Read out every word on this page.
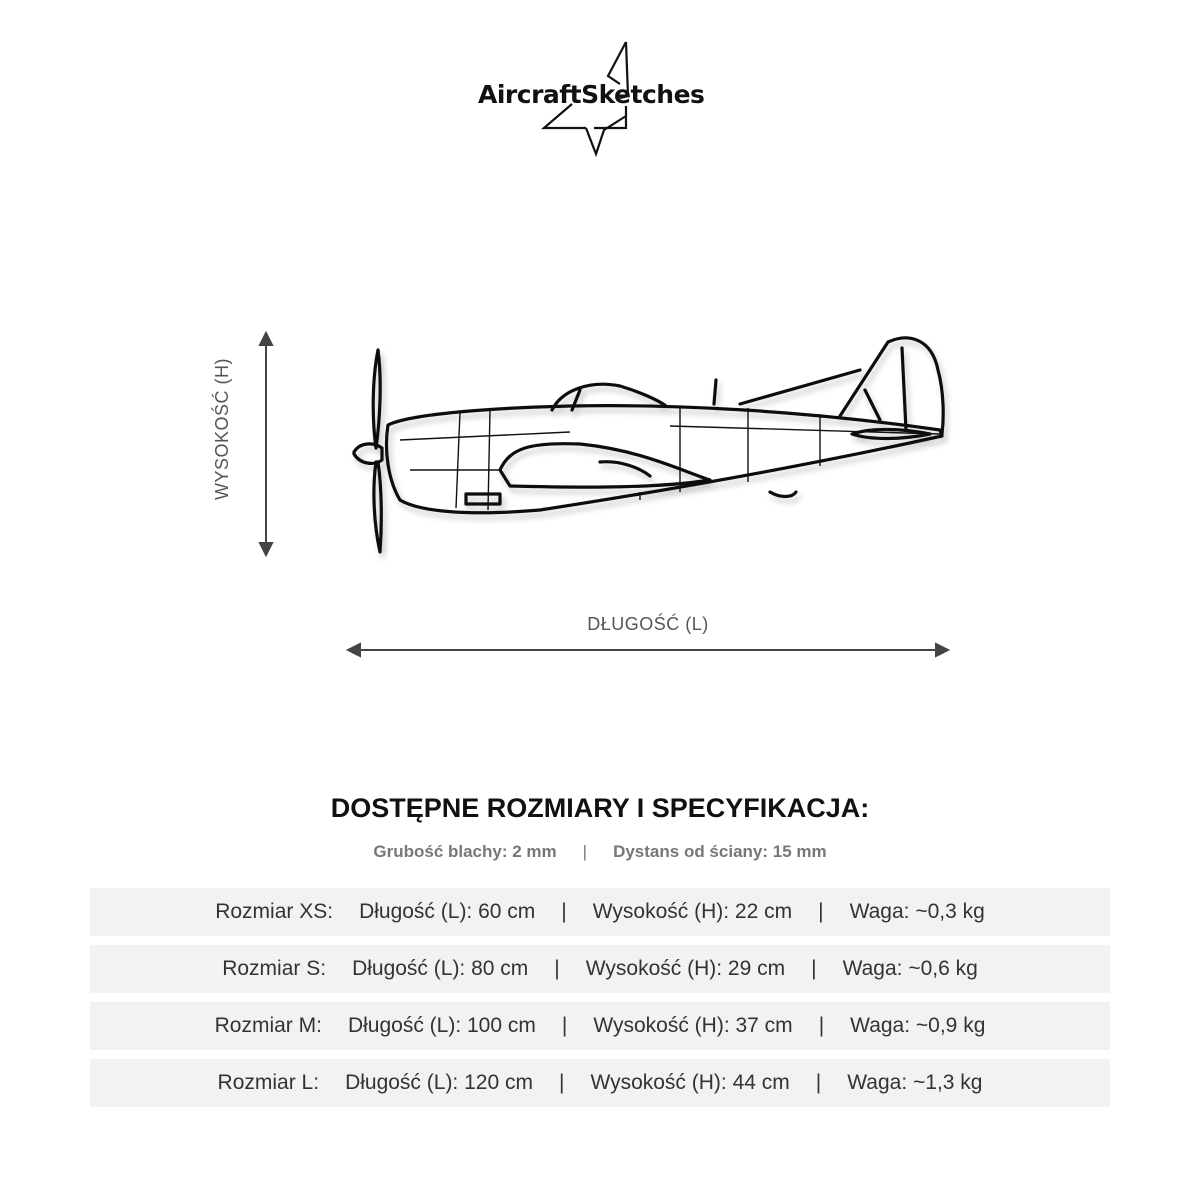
AircraftSketches
WYSOKOŚĆ (H)
DŁUGOŚĆ (L)
DOSTĘPNE ROZMIARY I SPECYFIKACJA:
Grubość blachy: 2 mm | Dystans od ściany: 15 mm
Rozmiar XS: Długość (L): 60 cm | Wysokość (H): 22 cm | Waga: ~0,3 kg
Rozmiar S: Długość (L): 80 cm | Wysokość (H): 29 cm | Waga: ~0,6 kg
Rozmiar M: Długość (L): 100 cm | Wysokość (H): 37 cm | Waga: ~0,9 kg
Rozmiar L: Długość (L): 120 cm | Wysokość (H): 44 cm | Waga: ~1,3 kg
